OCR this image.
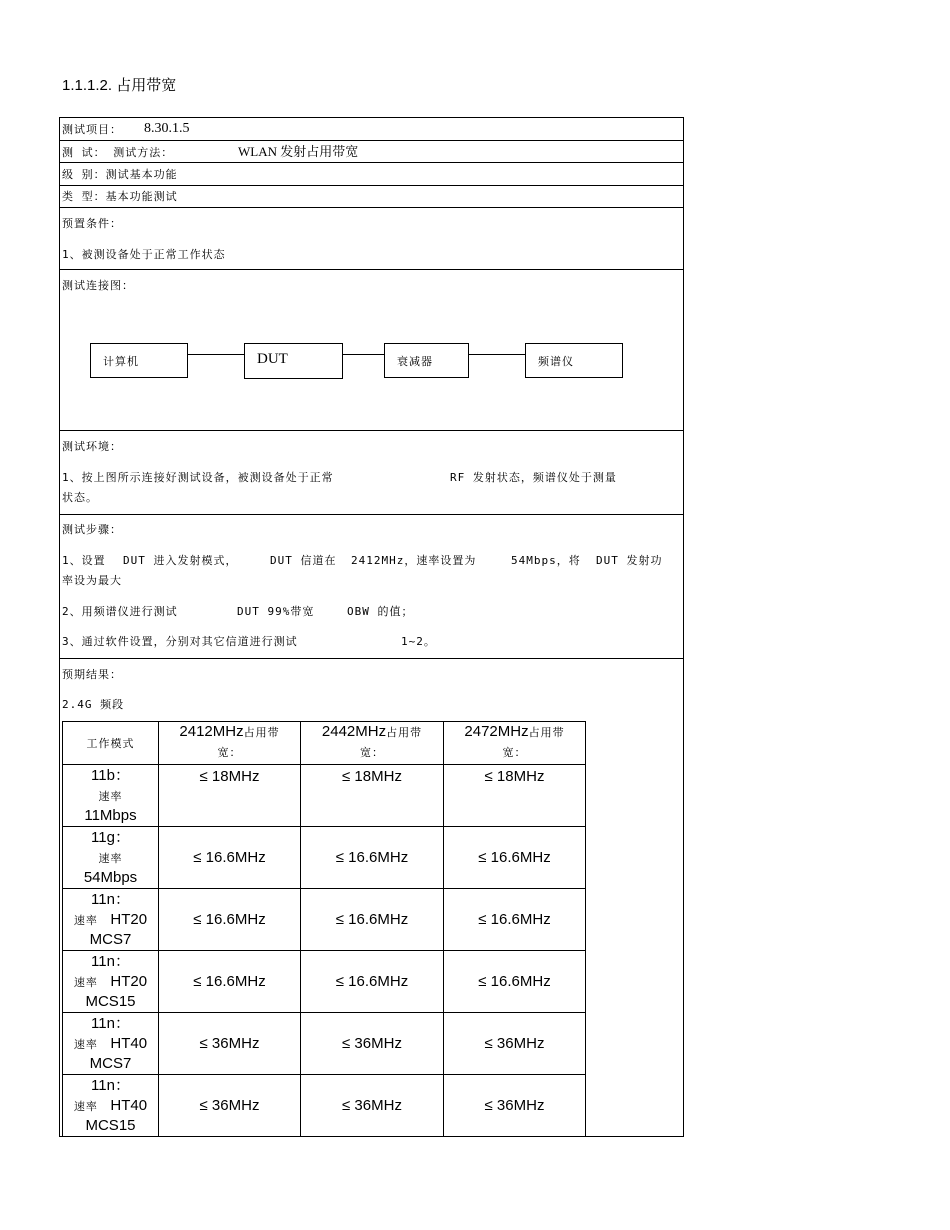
1.1.1.2. 占用带宽
测试项目： 8.30.1.5
测 试： 测试方法：	WLAN 发射占用带宽
级 别：测试基本功能
类 型：基本功能测试
预置条件：
1、被测设备处于正常工作状态
测试连接图：
计算机	DUT	衰减器	频谱仪
测试环境：
1、按上图所示连接好测试设备，被测设备处于正常	RF 发射状态，频谱仪处于测量
状态。
测试步骤：
1、设置 DUT 进入发射模式，	DUT 信道在 2412MHz，速率设置为	54Mbps，将 DUT 发射功
率设为最大
2、用频谱仪进行测试	DUT 99%带宽	OBW 的值；
3、通过软件设置，分别对其它信道进行测试	1~2。
预期结果：
2.4G 频段
工作模式	2412MHz占用带
宽：	2442MHz占用带
宽：	2472MHz占用带
宽：
11b：
速率
11Mbps	≤ 18MHz	≤ 18MHz	≤ 18MHz
11g：
速率
54Mbps	≤ 16.6MHz	≤ 16.6MHz	≤ 16.6MHz
11n：
速率 HT20
MCS7	≤ 16.6MHz	≤ 16.6MHz	≤ 16.6MHz
11n：
速率 HT20
MCS15	≤ 16.6MHz	≤ 16.6MHz	≤ 16.6MHz
11n：
速率 HT40
MCS7	≤ 36MHz	≤ 36MHz	≤ 36MHz
11n：
速率 HT40
MCS15	≤ 36MHz	≤ 36MHz	≤ 36MHz
